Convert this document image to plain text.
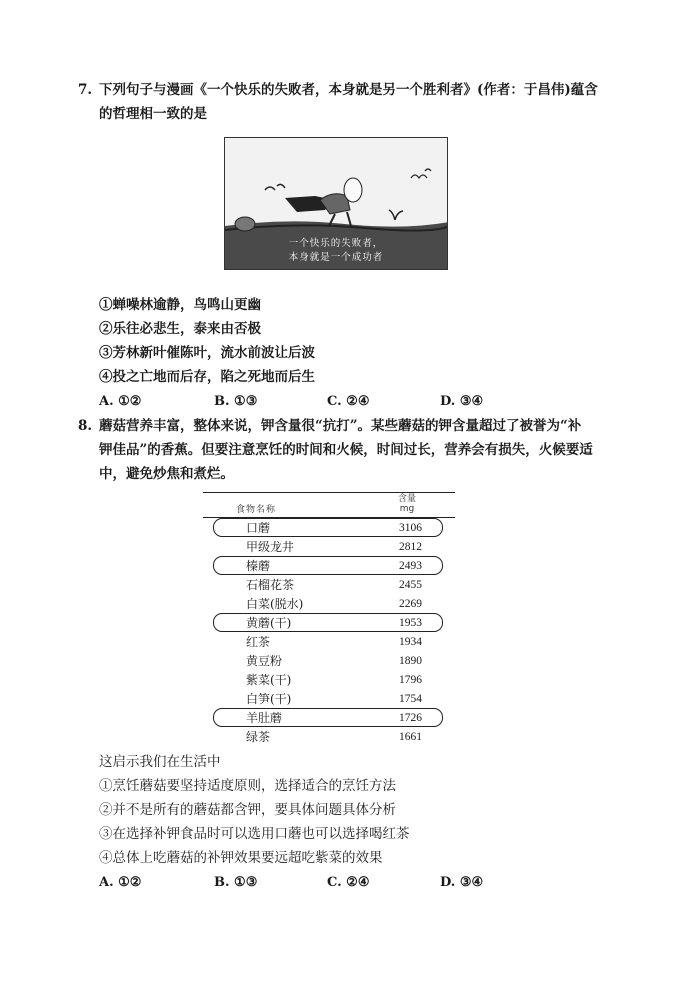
7. 下列句子与漫画《一个快乐的失败者，本身就是另一个胜利者》(作者：于昌伟)蕴含
的哲理相一致的是
一个快乐的失败者，
本身就是一个成功者
①蝉噪林逾静，鸟鸣山更幽
②乐往必悲生，泰来由否极
③芳林新叶催陈叶，流水前波让后波
④投之亡地而后存，陷之死地而后生
A. ①②	B. ①③	C. ②④	D. ③④
8. 蘑菇营养丰富，整体来说，钾含量很“抗打”。某些蘑菇的钾含量超过了被誉为“补
钾佳品”的香蕉。但要注意烹饪的时间和火候，时间过长，营养会有损失，火候要适
中，避免炒焦和煮烂。
食物名称
含量
mg
口蘑	3106
甲级龙井	2812
榛蘑	2493
石榴花茶	2455
白菜(脱水)	2269
黄蘑(干)	1953
红茶	1934
黄豆粉	1890
紫菜(干)	1796
白笋(干)	1754
羊肚蘑	1726
绿茶	1661
这启示我们在生活中
①烹饪蘑菇要坚持适度原则，选择适合的烹饪方法
②并不是所有的蘑菇都含钾，要具体问题具体分析
③在选择补钾食品时可以选用口蘑也可以选择喝红茶
④总体上吃蘑菇的补钾效果要远超吃紫菜的效果
A. ①②	B. ①③	C. ②④	D. ③④
